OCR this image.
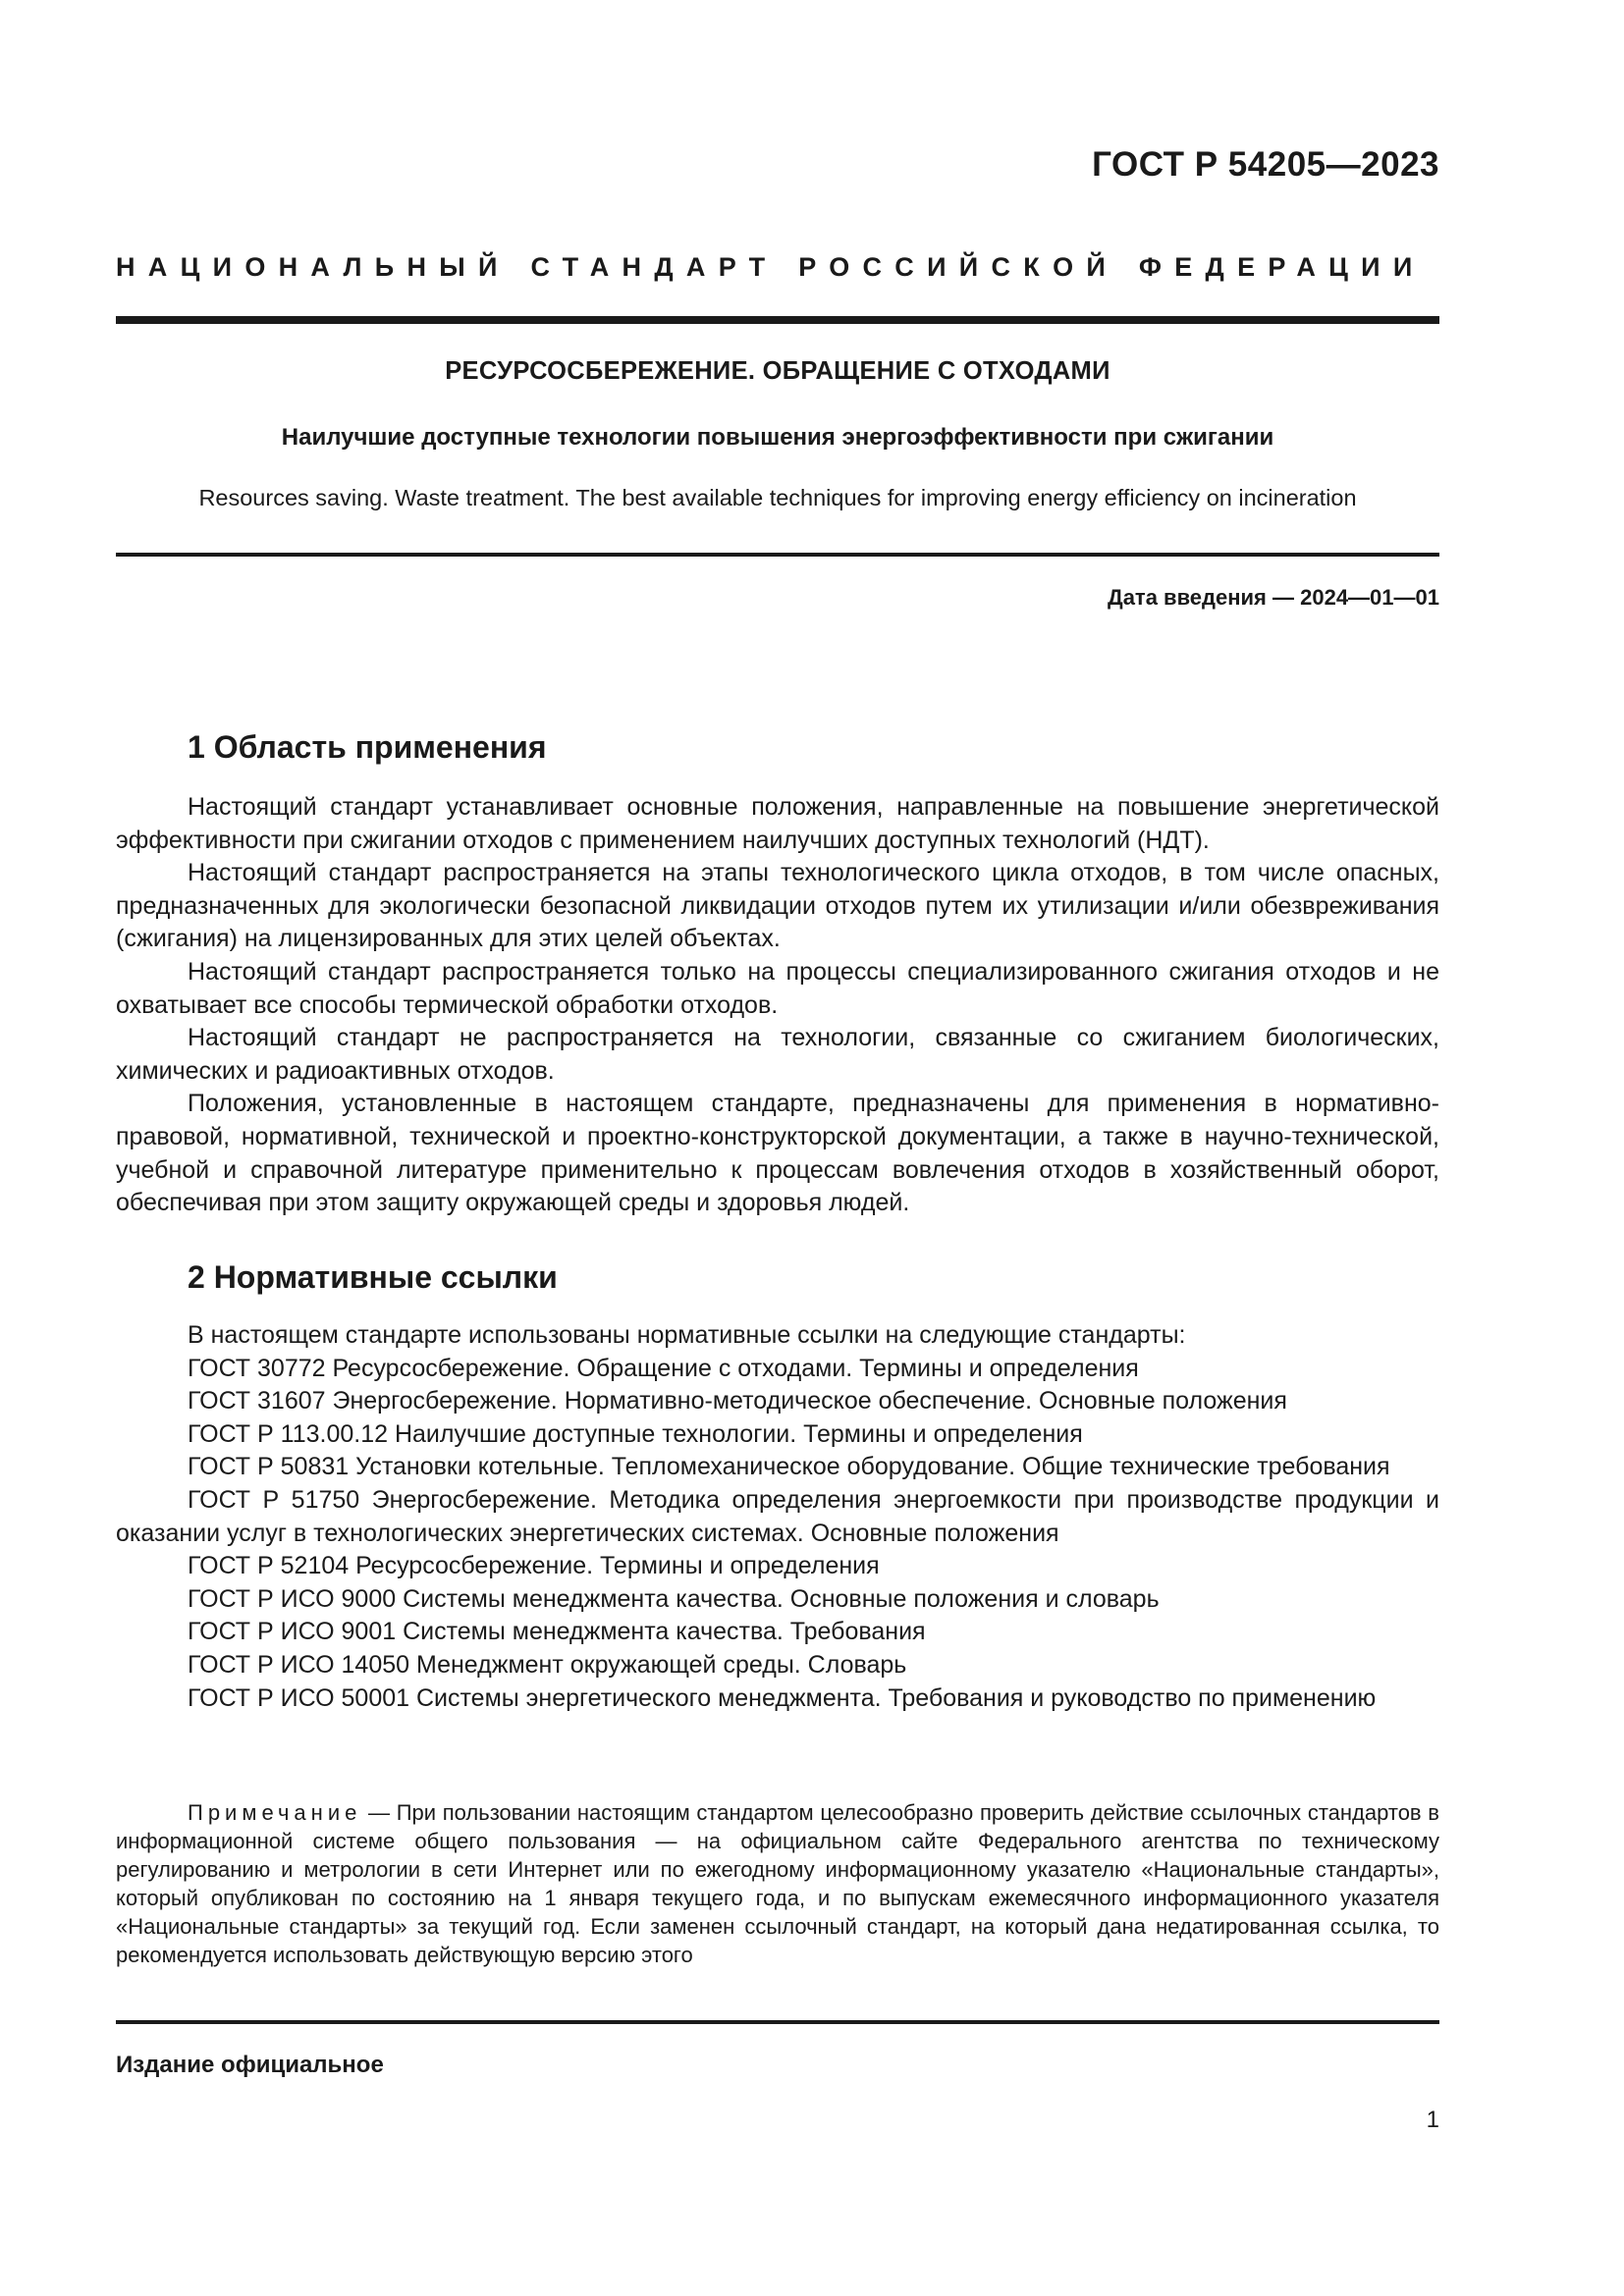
ГОСТ Р 54205—2023
НАЦИОНАЛЬНЫЙ СТАНДАРТ РОССИЙСКОЙ ФЕДЕРАЦИИ
РЕСУРСОСБЕРЕЖЕНИЕ. ОБРАЩЕНИЕ С ОТХОДАМИ
Наилучшие доступные технологии повышения энергоэффективности при сжигании
Resources saving. Waste treatment. The best available techniques for improving energy efficiency on incineration
Дата введения — 2024—01—01
1 Область применения

Настоящий стандарт устанавливает основные положения, направленные на повышение энергетической эффективности при сжигании отходов с применением наилучших доступных технологий (НДТ).

Настоящий стандарт распространяется на этапы технологического цикла отходов, в том числе опасных, предназначенных для экологически безопасной ликвидации отходов путем их утилизации и/или обезвреживания (сжигания) на лицензированных для этих целей объектах.

Настоящий стандарт распространяется только на процессы специализированного сжигания отходов и не охватывает все способы термической обработки отходов.

Настоящий стандарт не распространяется на технологии, связанные со сжиганием биологических, химических и радиоактивных отходов.

Положения, установленные в настоящем стандарте, предназначены для применения в нормативно-правовой, нормативной, технической и проектно-конструкторской документации, а также в научно-технической, учебной и справочной литературе применительно к процессам вовлечения отходов в хозяйственный оборот, обеспечивая при этом защиту окружающей среды и здоровья людей.

2 Нормативные ссылки

В настоящем стандарте использованы нормативные ссылки на следующие стандарты:

ГОСТ 30772 Ресурсосбережение. Обращение с отходами. Термины и определения

ГОСТ 31607 Энергосбережение. Нормативно-методическое обеспечение. Основные положения

ГОСТ Р 113.00.12 Наилучшие доступные технологии. Термины и определения

ГОСТ Р 50831 Установки котельные. Тепломеханическое оборудование. Общие технические требования

ГОСТ Р 51750 Энергосбережение. Методика определения энергоемкости при производстве продукции и оказании услуг в технологических энергетических системах. Основные положения

ГОСТ Р 52104 Ресурсосбережение. Термины и определения

ГОСТ Р ИСО 9000 Системы менеджмента качества. Основные положения и словарь

ГОСТ Р ИСО 9001 Системы менеджмента качества. Требования

ГОСТ Р ИСО 14050 Менеджмент окружающей среды. Словарь

ГОСТ Р ИСО 50001 Системы энергетического менеджмента. Требования и руководство по применению

Примечание — При пользовании настоящим стандартом целесообразно проверить действие ссылочных стандартов в информационной системе общего пользования — на официальном сайте Федерального агентства по техническому регулированию и метрологии в сети Интернет или по ежегодному информационному указателю «Национальные стандарты», который опубликован по состоянию на 1 января текущего года, и по выпускам ежемесячного информационного указателя «Национальные стандарты» за текущий год. Если заменен ссылочный стандарт, на который дана недатированная ссылка, то рекомендуется использовать действующую версию этого
Издание официальное
1
